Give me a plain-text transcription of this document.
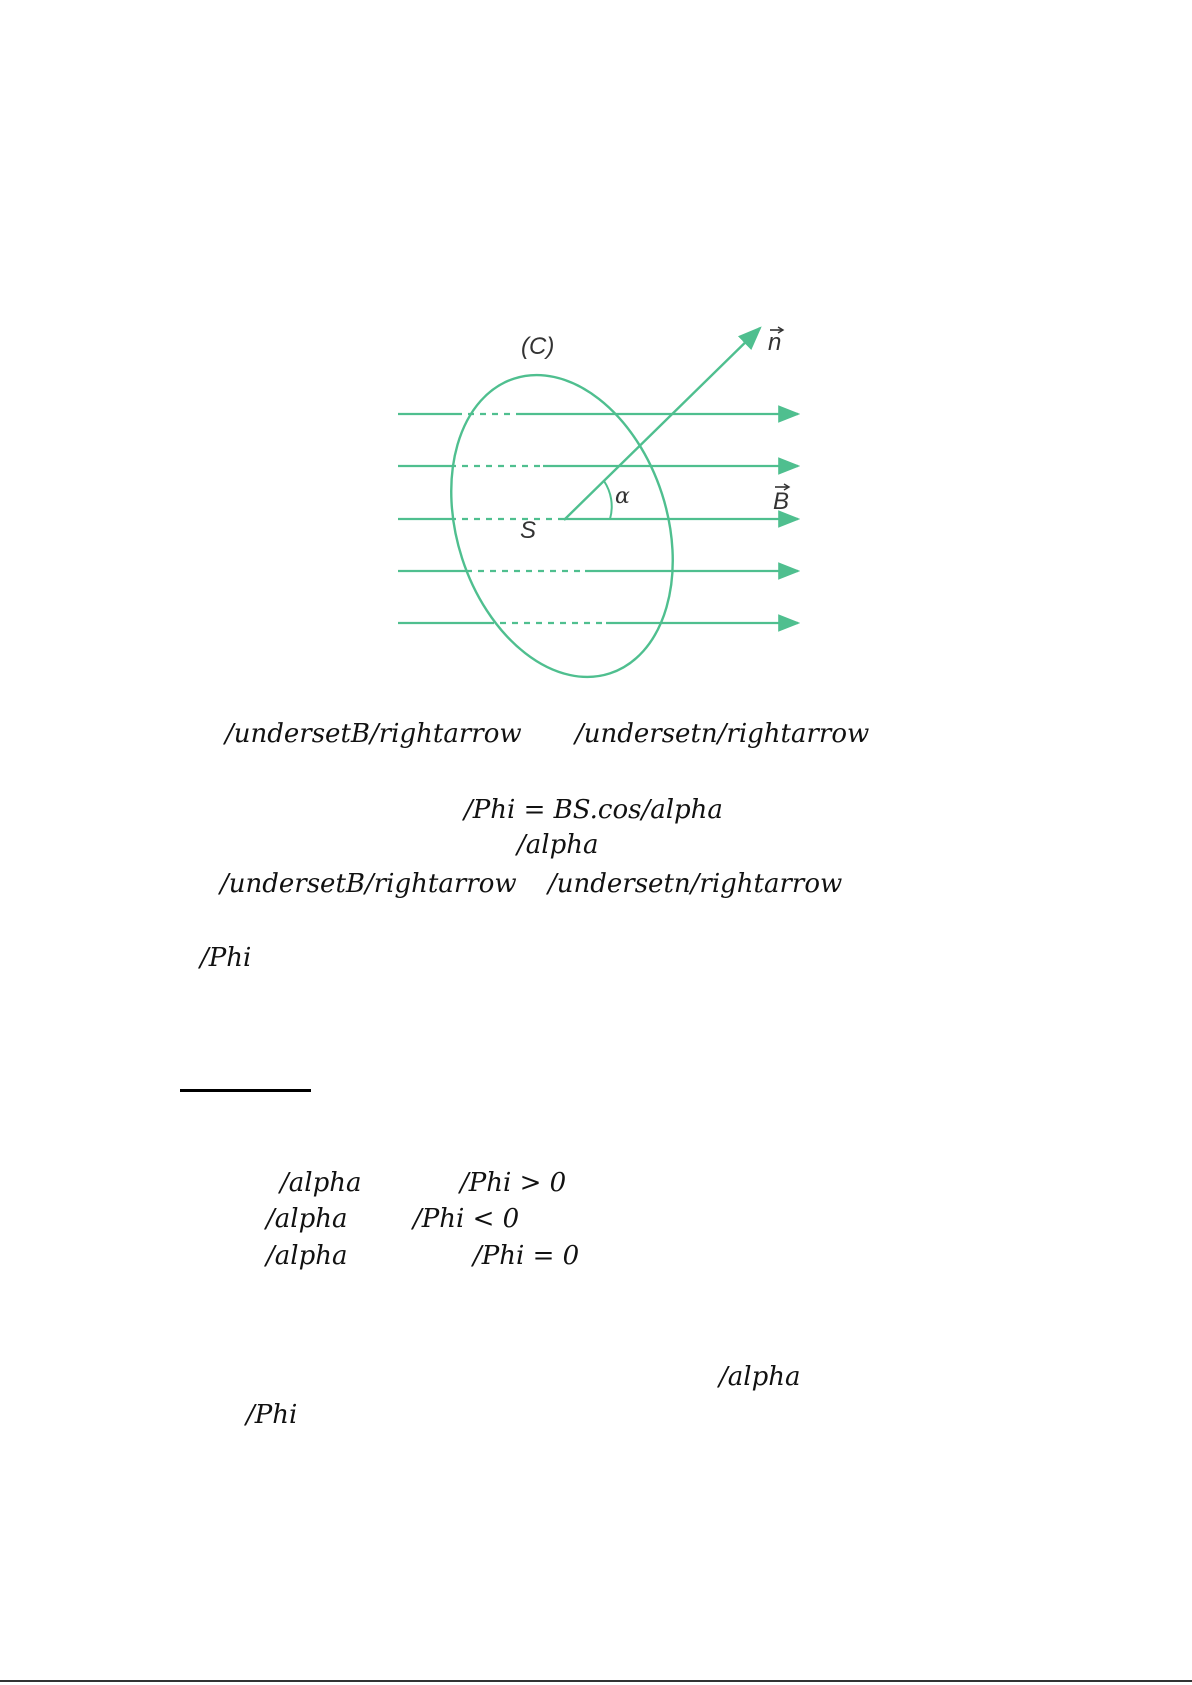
(C)
S
α
n
B
/undersetB/rightarrow /undersetn/rightarrow
/Phi = BS.cos/alpha
/alpha
/undersetB/rightarrow /undersetn/rightarrow
/Phi
/alpha	/Phi > 0
/alpha	/Phi < 0
/alpha	/Phi = 0
/alpha
/Phi
